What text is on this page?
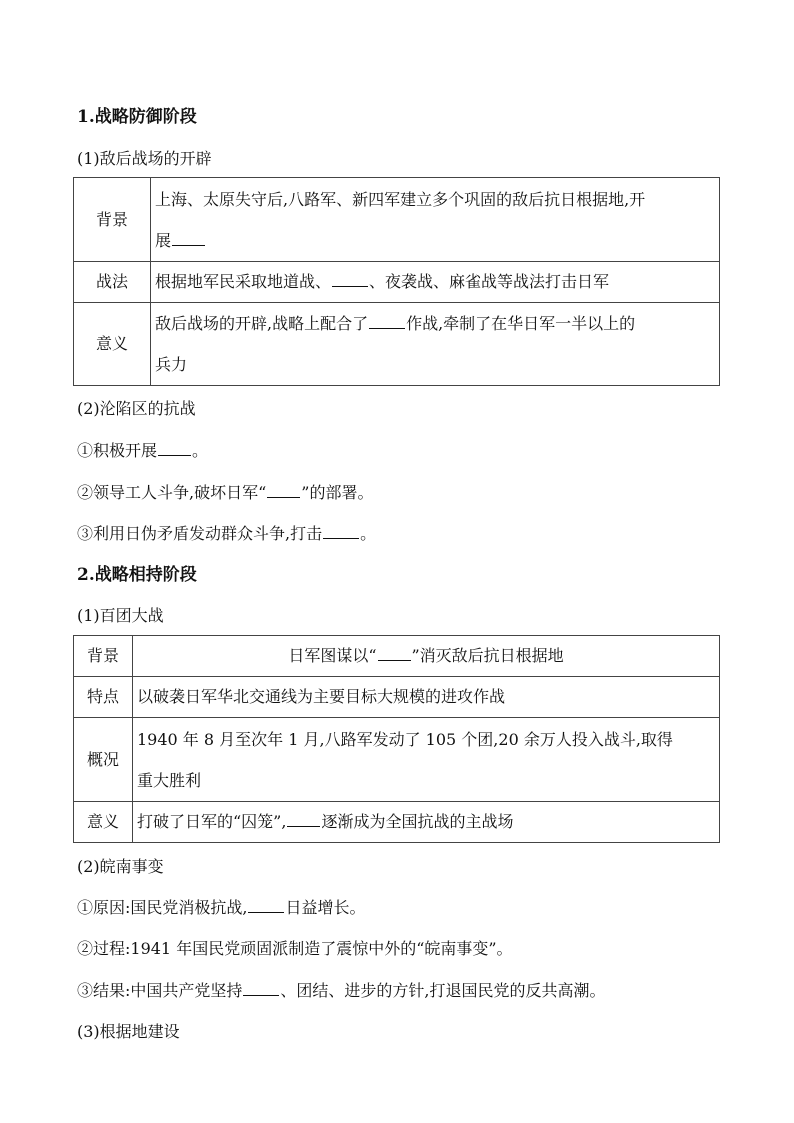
1.战略防御阶段
(1)敌后战场的开辟
背景	上海、太原失守后,八路军、新四军建立多个巩固的敌后抗日根据地,开
展
战法	根据地军民采取地道战、 、夜袭战、麻雀战等战法打击日军
意义	敌后战场的开辟,战略上配合了 作战,牵制了在华日军一半以上的
兵力
(2)沦陷区的抗战
①积极开展 。
②领导工人斗争,破坏日军“ ”的部署。
③利用日伪矛盾发动群众斗争,打击 。
2.战略相持阶段
(1)百团大战
背景	日军图谋以“ ”消灭敌后抗日根据地
特点	以破袭日军华北交通线为主要目标大规模的进攻作战
概况	1940 年 8 月至次年 1 月,八路军发动了 105 个团,20 余万人投入战斗,取得
重大胜利
意义	打破了日军的“囚笼”, 逐渐成为全国抗战的主战场
(2)皖南事变
①原因:国民党消极抗战, 日益增长。
②过程:1941 年国民党顽固派制造了震惊中外的“皖南事变”。
③结果:中国共产党坚持 、团结、进步的方针,打退国民党的反共高潮。
(3)根据地建设
